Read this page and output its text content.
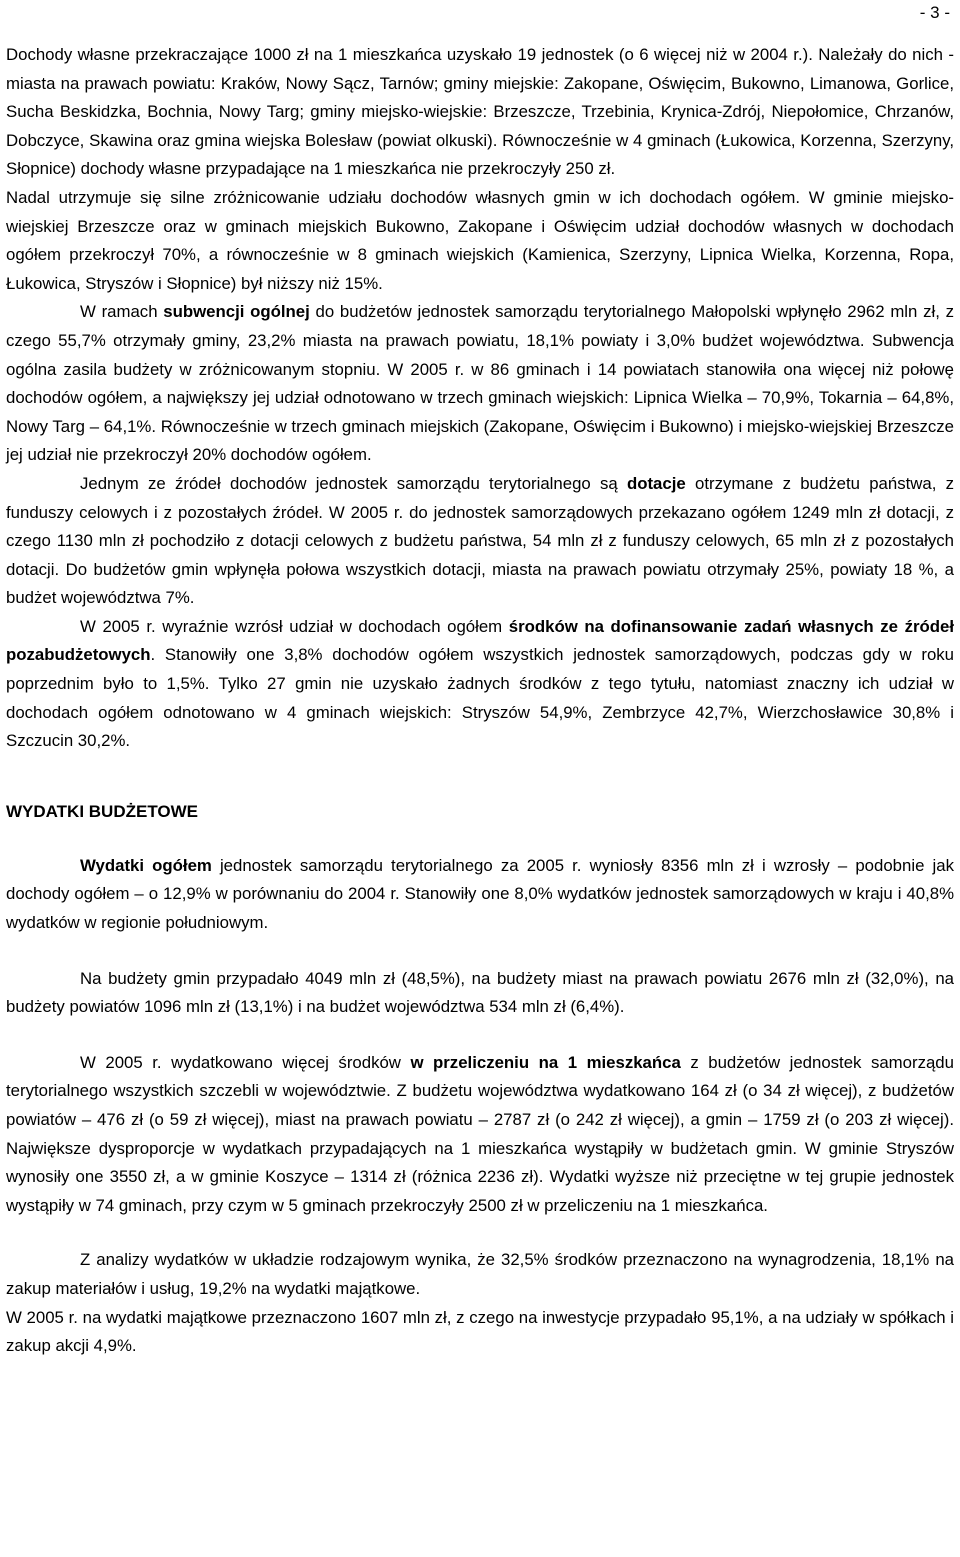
- 3 -

Dochody własne przekraczające 1000 zł na 1 mieszkańca uzyskało 19 jednostek (o 6 więcej niż w 2004 r.). Należały do nich - miasta na prawach powiatu: Kraków, Nowy Sącz, Tarnów; gminy miejskie: Zakopane, Oświęcim, Bukowno, Limanowa, Gorlice, Sucha Beskidzka, Bochnia, Nowy Targ; gminy miejsko-wiejskie: Brzeszcze, Trzebinia, Krynica-Zdrój, Niepołomice, Chrzanów, Dobczyce, Skawina oraz gmina wiejska Bolesław (powiat olkuski). Równocześnie w 4 gminach (Łukowica, Korzenna, Szerzyny, Słopnice) dochody własne przypadające na 1 mieszkańca nie przekroczyły 250 zł.

Nadal utrzymuje się silne zróżnicowanie udziału dochodów własnych gmin w ich dochodach ogółem. W gminie miejsko-wiejskiej Brzeszcze oraz w gminach miejskich Bukowno, Zakopane i Oświęcim udział dochodów własnych w dochodach ogółem przekroczył 70%, a równocześnie w 8 gminach wiejskich (Kamienica, Szerzyny, Lipnica Wielka, Korzenna, Ropa, Łukowica, Stryszów i Słopnice) był niższy niż 15%.

W ramach subwencji ogólnej do budżetów jednostek samorządu terytorialnego Małopolski wpłynęło 2962 mln zł, z czego 55,7% otrzymały gminy, 23,2% miasta na prawach powiatu, 18,1% powiaty i 3,0% budżet województwa. Subwencja ogólna zasila budżety w zróżnicowanym stopniu. W 2005 r. w 86 gminach i 14 powiatach stanowiła ona więcej niż połowę dochodów ogółem, a największy jej udział odnotowano w trzech gminach wiejskich: Lipnica Wielka – 70,9%, Tokarnia – 64,8%, Nowy Targ – 64,1%. Równocześnie w trzech gminach miejskich (Zakopane, Oświęcim i Bukowno) i miejsko-wiejskiej Brzeszcze jej udział nie przekroczył 20% dochodów ogółem.

Jednym ze źródeł dochodów jednostek samorządu terytorialnego są dotacje otrzymane z budżetu państwa, z funduszy celowych i z pozostałych źródeł. W 2005 r. do jednostek samorządowych przekazano ogółem 1249 mln zł dotacji, z czego 1130 mln zł pochodziło z dotacji celowych z budżetu państwa, 54 mln zł z funduszy celowych, 65 mln zł z pozostałych dotacji. Do budżetów gmin wpłynęła połowa wszystkich dotacji, miasta na prawach powiatu otrzymały 25%, powiaty 18 %, a budżet województwa 7%.

W 2005 r. wyraźnie wzrósł udział w dochodach ogółem środków na dofinansowanie zadań własnych ze źródeł pozabudżetowych. Stanowiły one 3,8% dochodów ogółem wszystkich jednostek samorządowych, podczas gdy w roku poprzednim było to 1,5%. Tylko 27 gmin nie uzyskało żadnych środków z tego tytułu, natomiast znaczny ich udział w dochodach ogółem odnotowano w 4 gminach wiejskich: Stryszów 54,9%, Zembrzyce 42,7%, Wierzchosławice 30,8% i Szczucin 30,2%.

WYDATKI BUDŻETOWE

Wydatki ogółem jednostek samorządu terytorialnego za 2005 r. wyniosły 8356 mln zł i wzrosły – podobnie jak dochody ogółem – o 12,9% w porównaniu do 2004 r. Stanowiły one 8,0% wydatków jednostek samorządowych w kraju i 40,8% wydatków w regionie południowym.

Na budżety gmin przypadało 4049 mln zł (48,5%), na budżety miast na prawach powiatu 2676 mln zł (32,0%), na budżety powiatów 1096 mln zł (13,1%) i na budżet województwa 534 mln zł (6,4%).

W 2005 r. wydatkowano więcej środków w przeliczeniu na 1 mieszkańca z budżetów jednostek samorządu terytorialnego wszystkich szczebli w województwie. Z budżetu województwa wydatkowano 164 zł (o 34 zł więcej), z budżetów powiatów – 476 zł (o 59 zł więcej), miast na prawach powiatu – 2787 zł (o 242 zł więcej), a gmin – 1759 zł (o 203 zł więcej). Największe dysproporcje w wydatkach przypadających na 1 mieszkańca wystąpiły w budżetach gmin. W gminie Stryszów wynosiły one 3550 zł, a w gminie Koszyce – 1314 zł (różnica 2236 zł). Wydatki wyższe niż przeciętne w tej grupie jednostek wystąpiły w 74 gminach, przy czym w 5 gminach przekroczyły 2500 zł w przeliczeniu na 1 mieszkańca.

Z analizy wydatków w układzie rodzajowym wynika, że 32,5% środków przeznaczono na wynagrodzenia, 18,1% na zakup materiałów i usług, 19,2% na wydatki majątkowe.

W 2005 r. na wydatki majątkowe przeznaczono 1607 mln zł, z czego na inwestycje przypadało 95,1%, a na udziały w spółkach i zakup akcji 4,9%.
